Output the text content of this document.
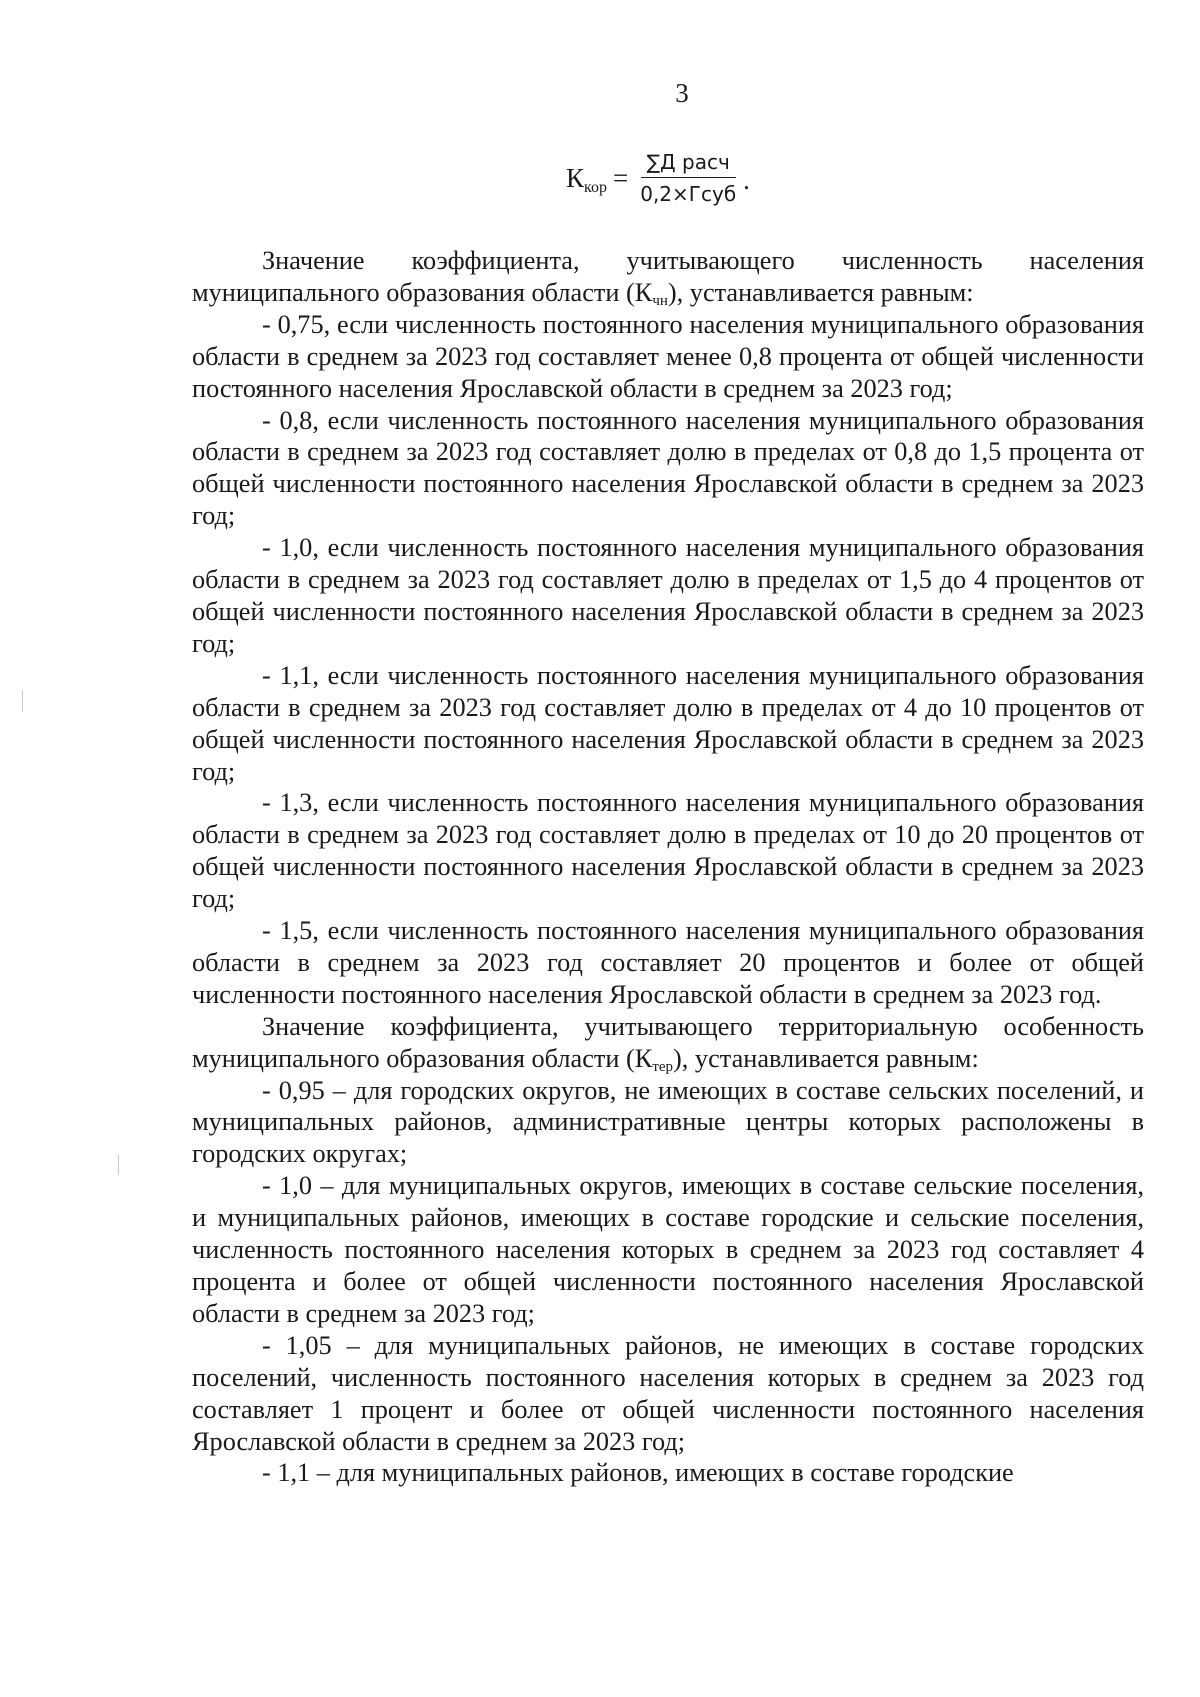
3
$К_{кор} = \frac{\text{∑Д расч}}{\text{0,2×Гсуб}}$ .

Значение коэффициента, учитывающего численность населения муниципального образования области $(К_{чн})$, устанавливается равным:

- 0,75, если численность постоянного населения муниципального образования области в среднем за 2023 год составляет менее 0,8 процента от общей численности постоянного населения Ярославской области в среднем за 2023 год;

- 0,8, если численность постоянного населения муниципального образования области в среднем за 2023 год составляет долю в пределах от 0,8 до 1,5 процента от общей численности постоянного населения Ярославской области в среднем за 2023 год;

- 1,0, если численность постоянного населения муниципального образования области в среднем за 2023 год составляет долю в пределах от 1,5 до 4 процентов от общей численности постоянного населения Ярославской области в среднем за 2023 год;

- 1,1, если численность постоянного населения муниципального образования области в среднем за 2023 год составляет долю в пределах от 4 до 10 процентов от общей численности постоянного населения Ярославской области в среднем за 2023 год;

- 1,3, если численность постоянного населения муниципального образования области в среднем за 2023 год составляет долю в пределах от 10 до 20 процентов от общей численности постоянного населения Ярославской области в среднем за 2023 год;

- 1,5, если численность постоянного населения муниципального образования области в среднем за 2023 год составляет 20 процентов и более от общей численности постоянного населения Ярославской области в среднем за 2023 год.

Значение коэффициента, учитывающего территориальную особенность муниципального образования области $(К_{тер})$, устанавливается равным:

- 0,95 – для городских округов, не имеющих в составе сельских поселений, и муниципальных районов, административные центры которых расположены в городских округах;

- 1,0 – для муниципальных округов, имеющих в составе сельские поселения, и муниципальных районов, имеющих в составе городские и сельские поселения, численность постоянного населения которых в среднем за 2023 год составляет 4 процента и более от общей численности постоянного населения Ярославской области в среднем за 2023 год;

- 1,05 – для муниципальных районов, не имеющих в составе городских поселений, численность постоянного населения которых в среднем за 2023 год составляет 1 процент и более от общей численности постоянного населения Ярославской области в среднем за 2023 год;

- 1,1 – для муниципальных районов, имеющих в составе городские
